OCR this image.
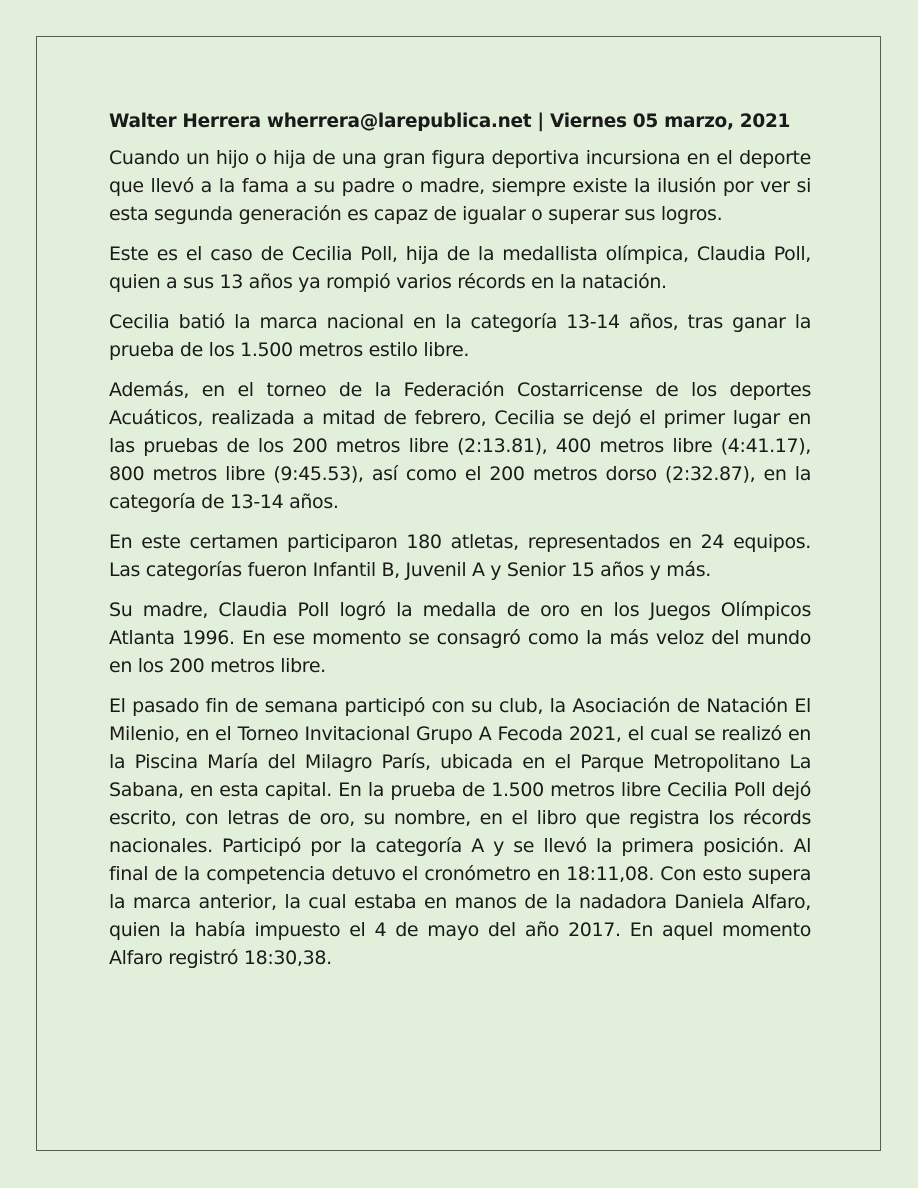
Walter Herrera wherrera@larepublica.net | Viernes 05 marzo, 2021

Cuando un hijo o hija de una gran figura deportiva incursiona en el deporte que llevó a la fama a su padre o madre, siempre existe la ilusión por ver si esta segunda generación es capaz de igualar o superar sus logros.

Este es el caso de Cecilia Poll, hija de la medallista olímpica, Claudia Poll, quien a sus 13 años ya rompió varios récords en la natación.

Cecilia batió la marca nacional en la categoría 13-14 años, tras ganar la prueba de los 1.500 metros estilo libre.

Además, en el torneo de la Federación Costarricense de los deportes Acuáticos, realizada a mitad de febrero, Cecilia se dejó el primer lugar en las pruebas de los 200 metros libre (2:13.81), 400 metros libre (4:41.17), 800 metros libre (9:45.53), así como el 200 metros dorso (2:32.87), en la categoría de 13-14 años.

En este certamen participaron 180 atletas, representados en 24 equipos. Las categorías fueron Infantil B, Juvenil A y Senior 15 años y más.

Su madre, Claudia Poll logró la medalla de oro en los Juegos Olímpicos Atlanta 1996. En ese momento se consagró como la más veloz del mundo en los 200 metros libre.

El pasado fin de semana participó con su club, la Asociación de Natación El Milenio, en el Torneo Invitacional Grupo A Fecoda 2021, el cual se realizó en la Piscina María del Milagro París, ubicada en el Parque Metropolitano La Sabana, en esta capital. En la prueba de 1.500 metros libre Cecilia Poll dejó escrito, con letras de oro, su nombre, en el libro que registra los récords nacionales. Participó por la categoría A y se llevó la primera posición. Al final de la competencia detuvo el cronómetro en 18:11,08. Con esto supera la marca anterior, la cual estaba en manos de la nadadora Daniela Alfaro, quien la había impuesto el 4 de mayo del año 2017. En aquel momento Alfaro registró 18:30,38.
